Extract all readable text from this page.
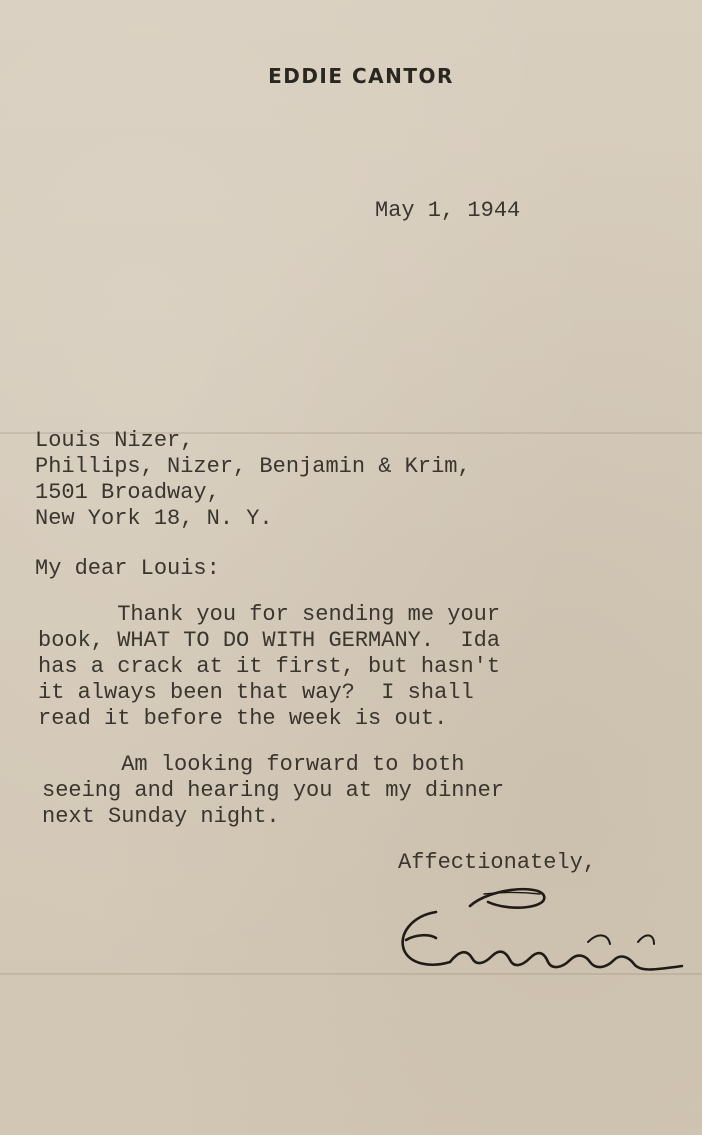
EDDIE CANTOR
May 1, 1944
Louis Nizer,
Phillips, Nizer, Benjamin & Krim,
1501 Broadway,
New York 18, N. Y.
My dear Louis:
Thank you for sending me your
book, WHAT TO DO WITH GERMANY.  Ida
has a crack at it first, but hasn't
it always been that way?  I shall
read it before the week is out.
Am looking forward to both
seeing and hearing you at my dinner
next Sunday night.
Affectionately,
